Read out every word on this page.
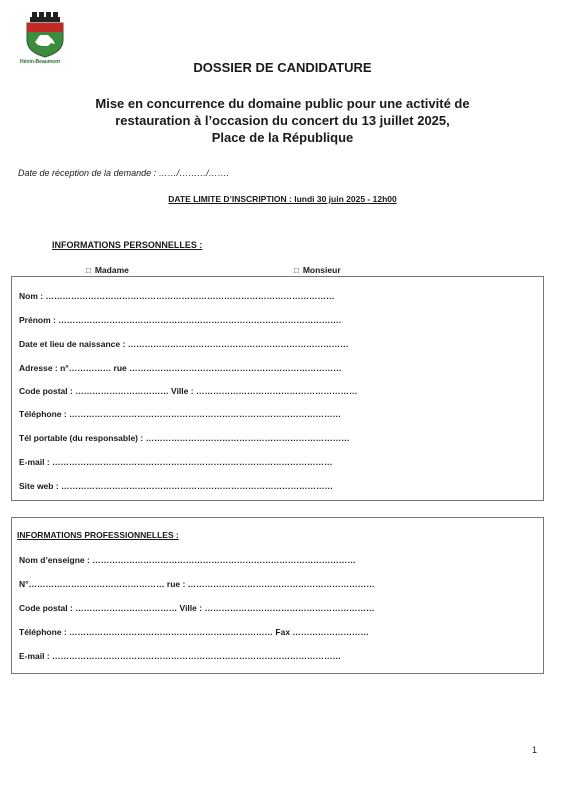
Hénin-Beaumont	DOSSIER DE CANDIDATURE
Mise en concurrence du domaine public pour une activité de
restauration à l’occasion du concert du 13 juillet 2025,
Place de la République
Date de réception de la demande : ……/………/…….
DATE LIMITE D’INSCRIPTION : lundi 30 juin 2025 - 12h00
INFORMATIONS PERSONNELLES :
□ Madame	□ Monsieur
Nom : …………………………………………………………………………………………
Prénom : ……………………………………………………………………………………….
Date et lieu de naissance : ……………………………………………………………………
Adresse : n°…………… rue …………………………………………………………………
Code postal : …………………………… Ville : …………………………………………………
Téléphone : ……………………………………………………………………………………
Tél portable (du responsable) : ………………………………………………………………
E-mail : ………………………………………………………………………………………
Site web : ……………………………………………………………………………………
INFORMATIONS PROFESSIONNELLES :
Nom d’enseigne : …………………………………………………………………………………
N°………………………………………… rue : …………………………………………………………
Code postal : ……………………………… Ville : ……………………………………………………
Téléphone : ……………………………………………………………… Fax ………………………
E-mail : …………………………………………………………………………………………
1
